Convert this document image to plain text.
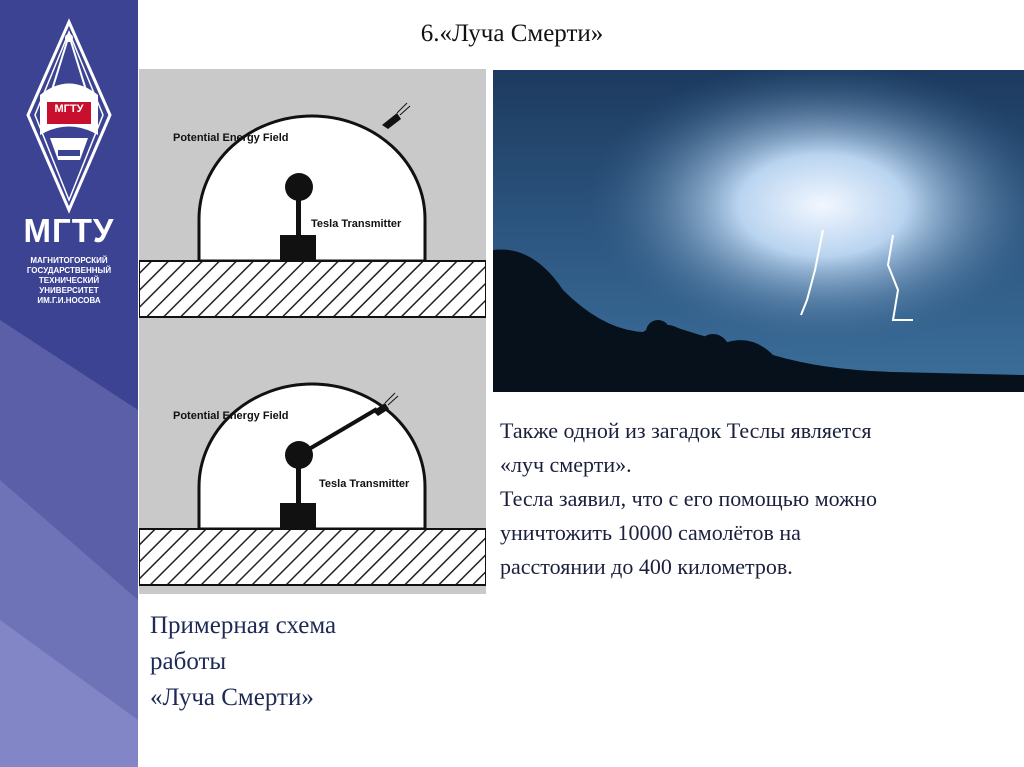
МГТУ
МГТУ
МАГНИТОГОРСКИЙ
ГОСУДАРСТВЕННЫЙ
ТЕХНИЧЕСКИЙ
УНИВЕРСИТЕТ
ИМ.Г.И.НОСОВА
6.«Луча Смерти»
Potential Energy Field
Tesla Transmitter
Potential Energy Field
Tesla Transmitter
Примерная схема
работы
«Луча Смерти»
Также одной из загадок Теслы является
«луч смерти».
Тесла заявил, что с его помощью можно
уничтожить 10000 самолётов на
расстоянии до 400 километров.
